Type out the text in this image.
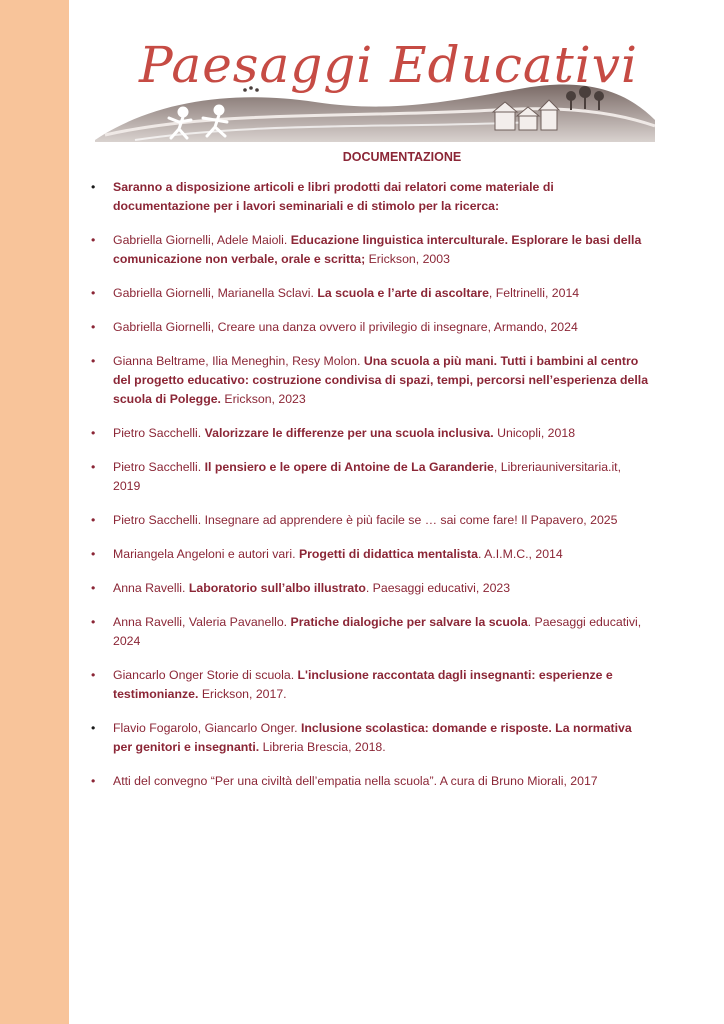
Paesaggi Educativi
DOCUMENTAZIONE
•	Saranno a disposizione articoli e libri prodotti dai relatori come materiale di documentazione per i lavori seminariali e di stimolo per la ricerca:
•	Gabriella Giornelli, Adele Maioli. Educazione linguistica interculturale. Esplorare le basi della comunicazione non verbale, orale e scritta; Erickson, 2003
•	Gabriella Giornelli, Marianella Sclavi. La scuola e l’arte di ascoltare, Feltrinelli, 2014
•	Gabriella Giornelli, Creare una danza ovvero il privilegio di insegnare, Armando, 2024
•	Gianna Beltrame, Ilia Meneghin, Resy Molon. Una scuola a più mani. Tutti i bambini al centro del progetto educativo: costruzione condivisa di spazi, tempi, percorsi nell’esperienza della scuola di Polegge. Erickson, 2023
•	Pietro Sacchelli. Valorizzare le differenze per una scuola inclusiva. Unicopli, 2018
•	Pietro Sacchelli. Il pensiero e le opere di Antoine de La Garanderie, Libreriauniversitaria.it, 2019
•	Pietro Sacchelli. Insegnare ad apprendere è più facile se … sai come fare! Il Papavero, 2025
•	Mariangela Angeloni e autori vari. Progetti di didattica mentalista. A.I.M.C., 2014
•	Anna Ravelli. Laboratorio sull’albo illustrato. Paesaggi educativi, 2023
•	Anna Ravelli, Valeria Pavanello. Pratiche dialogiche per salvare la scuola. Paesaggi educativi, 2024
•	Giancarlo Onger Storie di scuola. L'inclusione raccontata dagli insegnanti: esperienze e testimonianze. Erickson, 2017.
•	Flavio Fogarolo, Giancarlo Onger. Inclusione scolastica: domande e risposte. La normativa per genitori e insegnanti. Libreria Brescia, 2018.
•	Atti del convegno “Per una civiltà dell’empatia nella scuola”. A cura di Bruno Miorali, 2017
